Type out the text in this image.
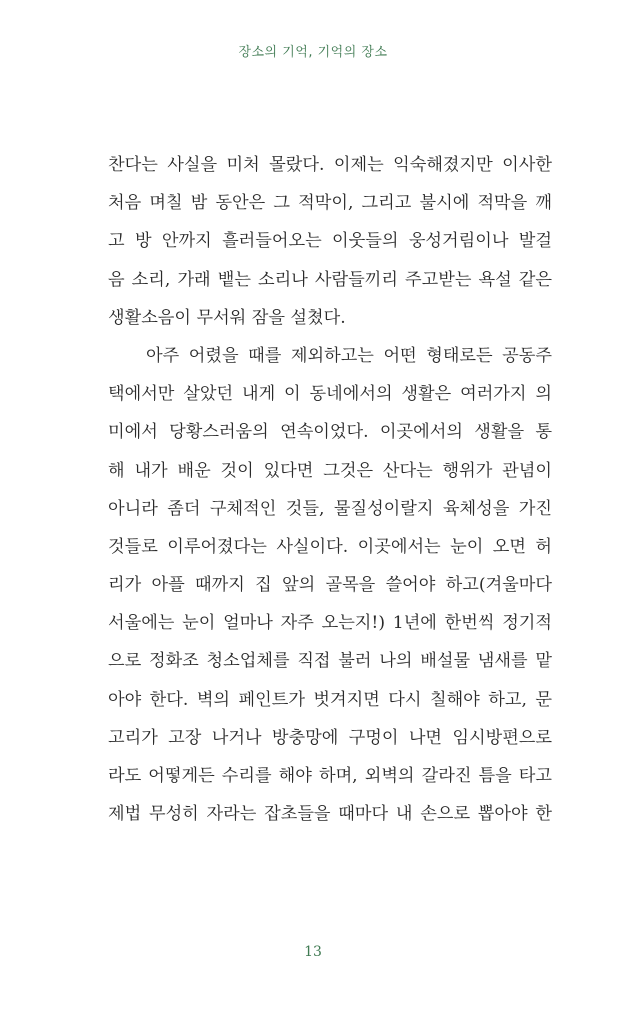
장소의 기억, 기억의 장소
찬다는 사실을 미처 몰랐다. 이제는 익숙해졌지만 이사한
처음 며칠 밤 동안은 그 적막이, 그리고 불시에 적막을 깨
고 방 안까지 흘러들어오는 이웃들의 웅성거림이나 발걸
음 소리, 가래 뱉는 소리나 사람들끼리 주고받는 욕설 같은
생활소음이 무서워 잠을 설쳤다.
아주 어렸을 때를 제외하고는 어떤 형태로든 공동주
택에서만 살았던 내게 이 동네에서의 생활은 여러가지 의
미에서 당황스러움의 연속이었다. 이곳에서의 생활을 통
해 내가 배운 것이 있다면 그것은 산다는 행위가 관념이
아니라 좀더 구체적인 것들, 물질성이랄지 육체성을 가진
것들로 이루어졌다는 사실이다. 이곳에서는 눈이 오면 허
리가 아플 때까지 집 앞의 골목을 쓸어야 하고(겨울마다
서울에는 눈이 얼마나 자주 오는지!) 1년에 한번씩 정기적
으로 정화조 청소업체를 직접 불러 나의 배설물 냄새를 맡
아야 한다. 벽의 페인트가 벗겨지면 다시 칠해야 하고, 문
고리가 고장 나거나 방충망에 구멍이 나면 임시방편으로
라도 어떻게든 수리를 해야 하며, 외벽의 갈라진 틈을 타고
제법 무성히 자라는 잡초들을 때마다 내 손으로 뽑아야 한
13
